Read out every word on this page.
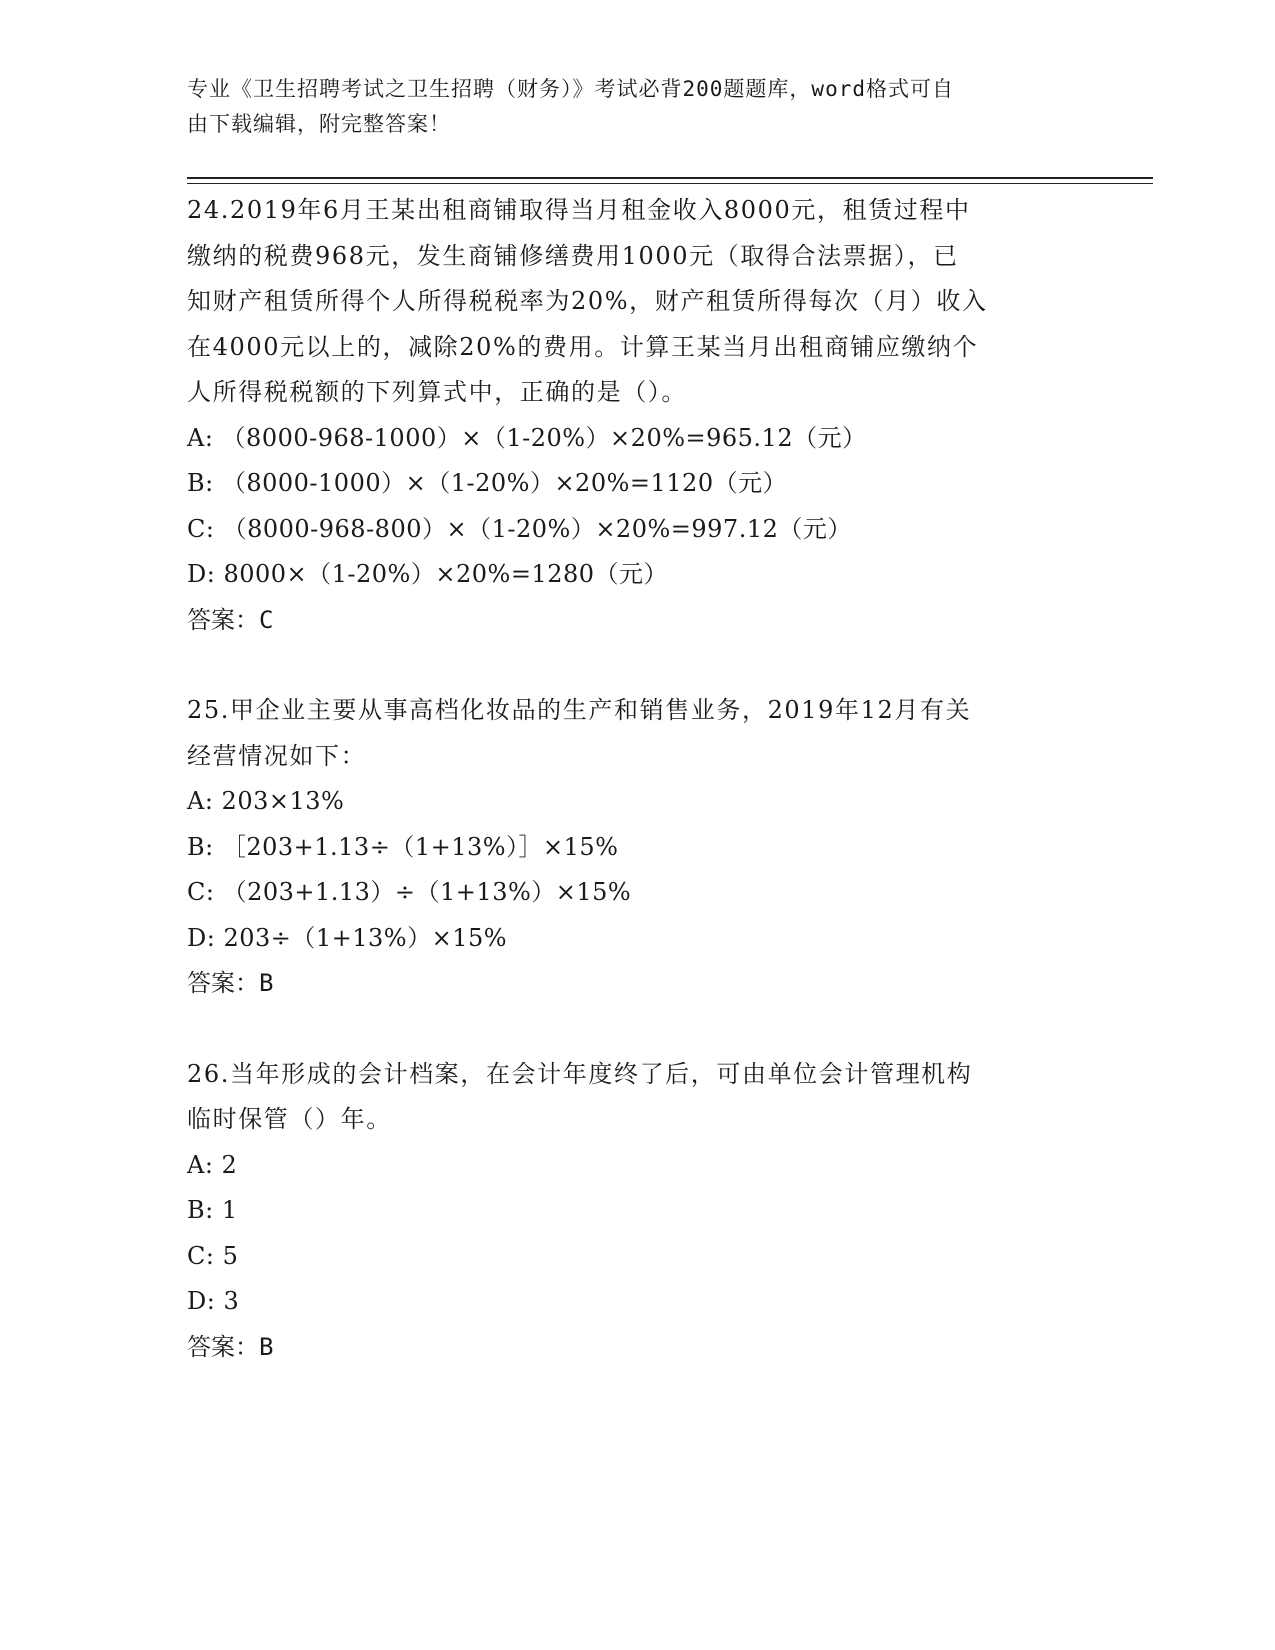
专业《卫生招聘考试之卫生招聘（财务）》考试必背200题题库，word格式可自
由下载编辑，附完整答案！

24.2019年6月王某出租商铺取得当月租金收入8000元，租赁过程中

缴纳的税费968元，发生商铺修缮费用1000元（取得合法票据），已

知财产租赁所得个人所得税税率为20%，财产租赁所得每次（月）收入

在4000元以上的，减除20%的费用。计算王某当月出租商铺应缴纳个

人所得税税额的下列算式中，正确的是（）。

A: （8000-968-1000）×（1-20%）×20%=965.12（元）

B: （8000-1000）×（1-20%）×20%=1120（元）

C: （8000-968-800）×（1-20%）×20%=997.12（元）

D: 8000×（1-20%）×20%=1280（元）

答案：C

25.甲企业主要从事高档化妆品的生产和销售业务，2019年12月有关

经营情况如下：

A: 203×13%

B: ［203+1.13÷（1+13%）］×15%

C: （203+1.13）÷（1+13%）×15%

D: 203÷（1+13%）×15%

答案：B

26.当年形成的会计档案，在会计年度终了后，可由单位会计管理机构

临时保管（）年。

A: 2

B: 1

C: 5

D: 3

答案：B
